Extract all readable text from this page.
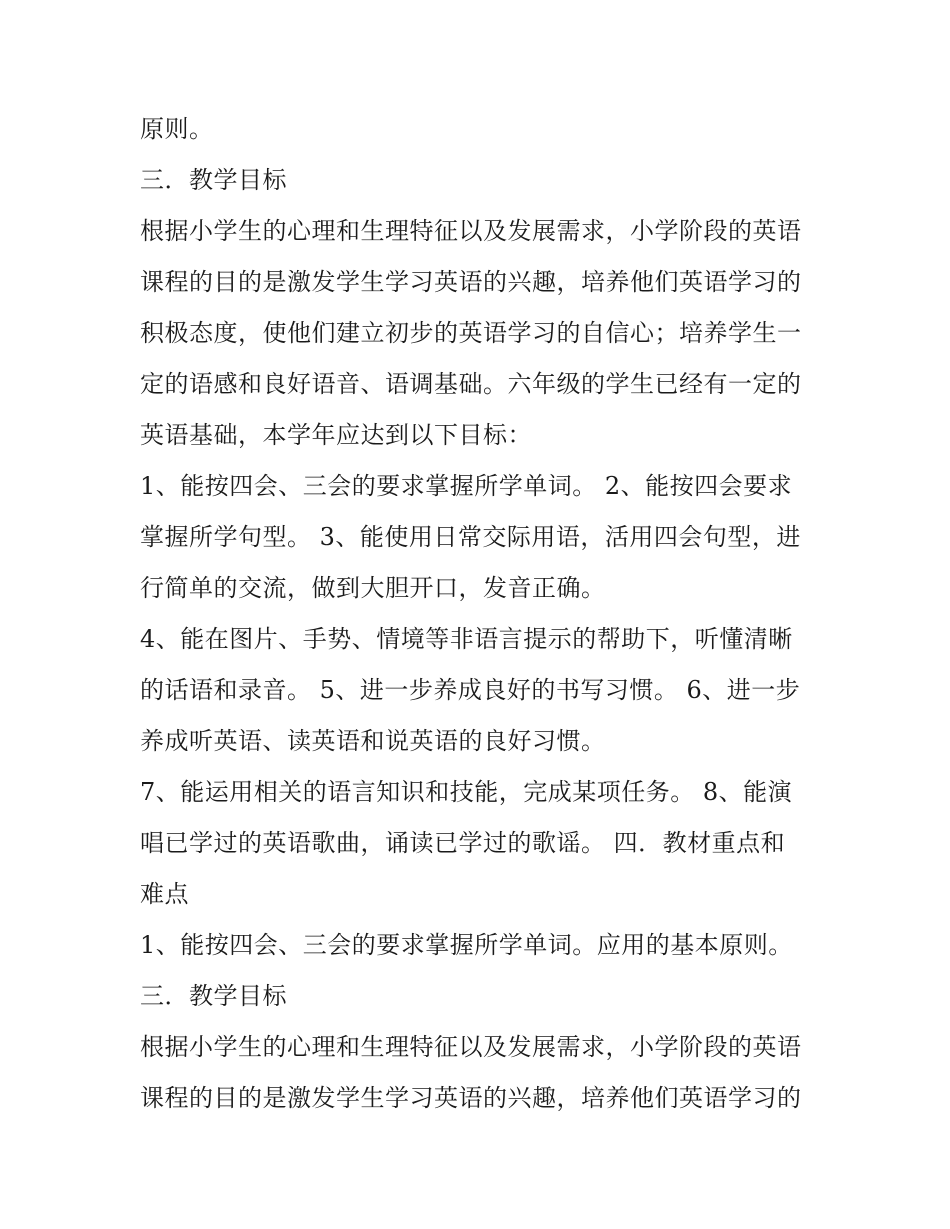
原则。
三．教学目标
根据小学生的心理和生理特征以及发展需求，小学阶段的英语
课程的目的是激发学生学习英语的兴趣，培养他们英语学习的
积极态度，使他们建立初步的英语学习的自信心；培养学生一
定的语感和良好语音、语调基础。六年级的学生已经有一定的
英语基础，本学年应达到以下目标：
1、能按四会、三会的要求掌握所学单词。 2、能按四会要求
掌握所学句型。 3、能使用日常交际用语，活用四会句型，进
行简单的交流，做到大胆开口，发音正确。
4、能在图片、手势、情境等非语言提示的帮助下，听懂清晰
的话语和录音。 5、进一步养成良好的书写习惯。 6、进一步
养成听英语、读英语和说英语的良好习惯。
7、能运用相关的语言知识和技能，完成某项任务。 8、能演
唱已学过的英语歌曲，诵读已学过的歌谣。 四．教材重点和
难点
1、能按四会、三会的要求掌握所学单词。应用的基本原则。
三．教学目标
根据小学生的心理和生理特征以及发展需求，小学阶段的英语
课程的目的是激发学生学习英语的兴趣，培养他们英语学习的
